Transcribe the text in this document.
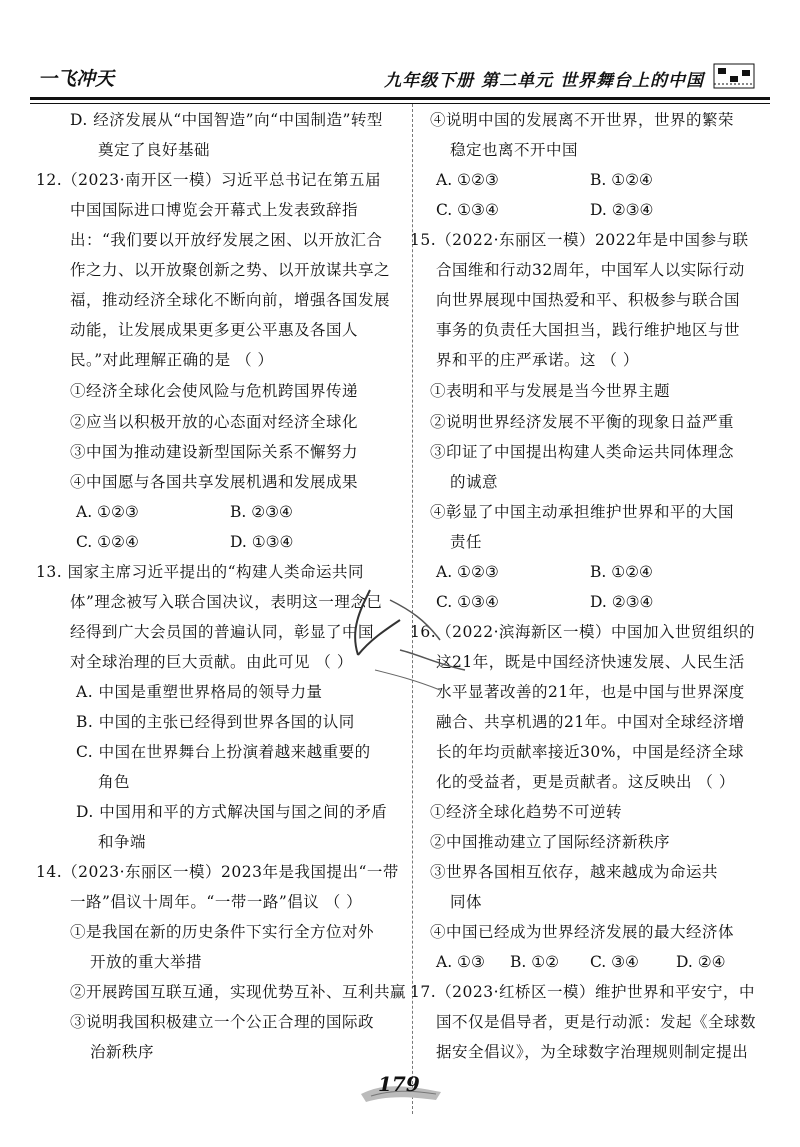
一飞冲天	九年级下册 第二单元 世界舞台上的中国
D. 经济发展从“中国智造”向“中国制造”转型
奠定了良好基础
12.（2023·南开区一模）习近平总书记在第五届
中国国际进口博览会开幕式上发表致辞指
出：“我们要以开放纾发展之困、以开放汇合
作之力、以开放聚创新之势、以开放谋共享之
福，推动经济全球化不断向前，增强各国发展
动能，让发展成果更多更公平惠及各国人
民。”对此理解正确的是 （ ）
①经济全球化会使风险与危机跨国界传递
②应当以积极开放的心态面对经济全球化
③中国为推动建设新型国际关系不懈努力
④中国愿与各国共享发展机遇和发展成果
A. ①②③	B. ②③④
C. ①②④	D. ①③④
13. 国家主席习近平提出的“构建人类命运共同
体”理念被写入联合国决议，表明这一理念已
经得到广大会员国的普遍认同，彰显了中国
对全球治理的巨大贡献。由此可见 （ ）
A. 中国是重塑世界格局的领导力量
B. 中国的主张已经得到世界各国的认同
C. 中国在世界舞台上扮演着越来越重要的
角色
D. 中国用和平的方式解决国与国之间的矛盾
和争端
14.（2023·东丽区一模）2023年是我国提出“一带
一路”倡议十周年。“一带一路”倡议 （ ）
①是我国在新的历史条件下实行全方位对外
开放的重大举措
②开展跨国互联互通，实现优势互补、互利共赢
③说明我国积极建立一个公正合理的国际政
治新秩序
④说明中国的发展离不开世界，世界的繁荣
稳定也离不开中国
A. ①②③	B. ①②④
C. ①③④	D. ②③④
15.（2022·东丽区一模）2022年是中国参与联
合国维和行动32周年，中国军人以实际行动
向世界展现中国热爱和平、积极参与联合国
事务的负责任大国担当，践行维护地区与世
界和平的庄严承诺。这 （ ）
①表明和平与发展是当今世界主题
②说明世界经济发展不平衡的现象日益严重
③印证了中国提出构建人类命运共同体理念
的诚意
④彰显了中国主动承担维护世界和平的大国
责任
A. ①②③	B. ①②④
C. ①③④	D. ②③④
16.（2022·滨海新区一模）中国加入世贸组织的
这21年，既是中国经济快速发展、人民生活
水平显著改善的21年，也是中国与世界深度
融合、共享机遇的21年。中国对全球经济增
长的年均贡献率接近30%，中国是经济全球
化的受益者，更是贡献者。这反映出 （ ）
①经济全球化趋势不可逆转
②中国推动建立了国际经济新秩序
③世界各国相互依存，越来越成为命运共
同体
④中国已经成为世界经济发展的最大经济体
A. ①③ B. ①② C. ③④ D. ②④
17.（2023·红桥区一模）维护世界和平安宁，中
国不仅是倡导者，更是行动派：发起《全球数
据安全倡议》，为全球数字治理规则制定提出
179
